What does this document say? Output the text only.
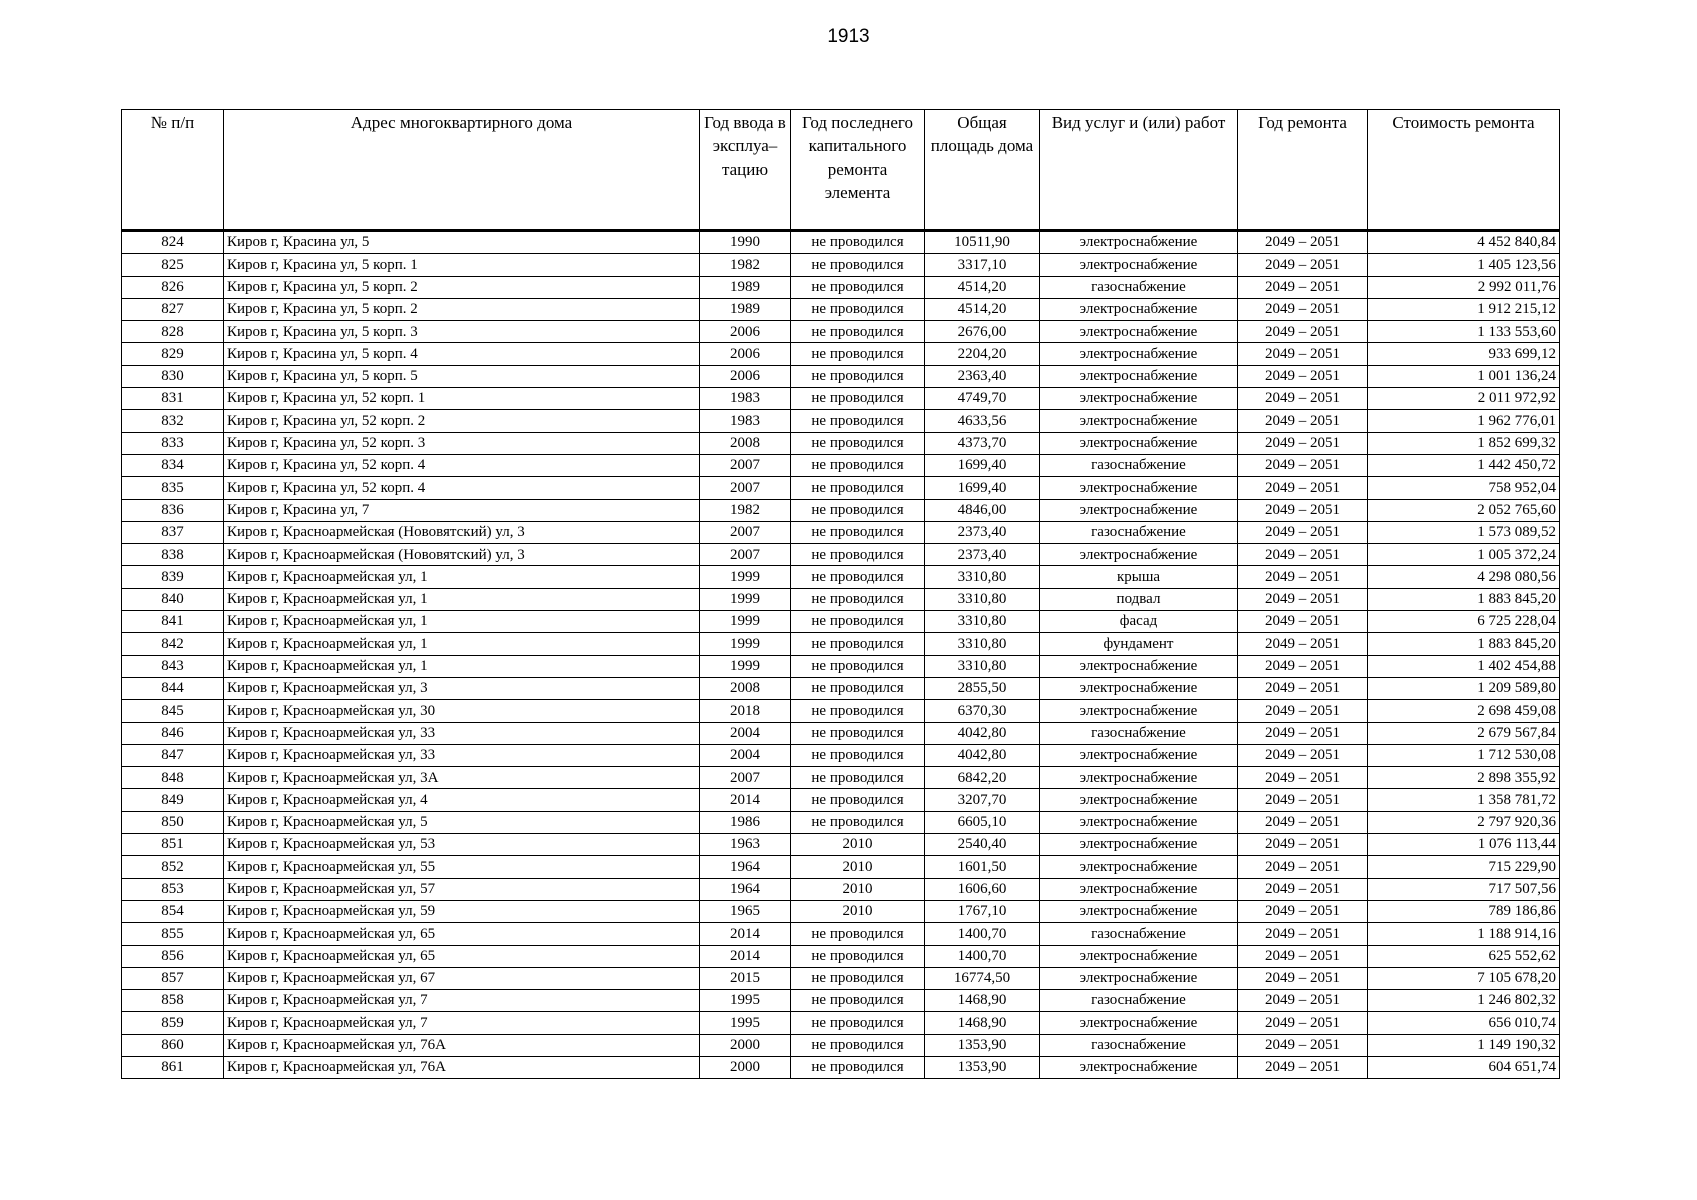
1913
№ п/п	Адрес многоквартирного дома	Год ввода в эксплуа– тацию	Год последнего капитального ремонта элемента	Общая площадь дома	Вид услуг и (или) работ	Год ремонта	Стоимость ремонта
824	Киров г, Красина ул, 5	1990	не проводился	10511,90	электроснабжение	2049 – 2051	4 452 840,84
825	Киров г, Красина ул, 5 корп. 1	1982	не проводился	3317,10	электроснабжение	2049 – 2051	1 405 123,56
826	Киров г, Красина ул, 5 корп. 2	1989	не проводился	4514,20	газоснабжение	2049 – 2051	2 992 011,76
827	Киров г, Красина ул, 5 корп. 2	1989	не проводился	4514,20	электроснабжение	2049 – 2051	1 912 215,12
828	Киров г, Красина ул, 5 корп. 3	2006	не проводился	2676,00	электроснабжение	2049 – 2051	1 133 553,60
829	Киров г, Красина ул, 5 корп. 4	2006	не проводился	2204,20	электроснабжение	2049 – 2051	933 699,12
830	Киров г, Красина ул, 5 корп. 5	2006	не проводился	2363,40	электроснабжение	2049 – 2051	1 001 136,24
831	Киров г, Красина ул, 52 корп. 1	1983	не проводился	4749,70	электроснабжение	2049 – 2051	2 011 972,92
832	Киров г, Красина ул, 52 корп. 2	1983	не проводился	4633,56	электроснабжение	2049 – 2051	1 962 776,01
833	Киров г, Красина ул, 52 корп. 3	2008	не проводился	4373,70	электроснабжение	2049 – 2051	1 852 699,32
834	Киров г, Красина ул, 52 корп. 4	2007	не проводился	1699,40	газоснабжение	2049 – 2051	1 442 450,72
835	Киров г, Красина ул, 52 корп. 4	2007	не проводился	1699,40	электроснабжение	2049 – 2051	758 952,04
836	Киров г, Красина ул, 7	1982	не проводился	4846,00	электроснабжение	2049 – 2051	2 052 765,60
837	Киров г, Красноармейская (Нововятский) ул, 3	2007	не проводился	2373,40	газоснабжение	2049 – 2051	1 573 089,52
838	Киров г, Красноармейская (Нововятский) ул, 3	2007	не проводился	2373,40	электроснабжение	2049 – 2051	1 005 372,24
839	Киров г, Красноармейская ул, 1	1999	не проводился	3310,80	крыша	2049 – 2051	4 298 080,56
840	Киров г, Красноармейская ул, 1	1999	не проводился	3310,80	подвал	2049 – 2051	1 883 845,20
841	Киров г, Красноармейская ул, 1	1999	не проводился	3310,80	фасад	2049 – 2051	6 725 228,04
842	Киров г, Красноармейская ул, 1	1999	не проводился	3310,80	фундамент	2049 – 2051	1 883 845,20
843	Киров г, Красноармейская ул, 1	1999	не проводился	3310,80	электроснабжение	2049 – 2051	1 402 454,88
844	Киров г, Красноармейская ул, 3	2008	не проводился	2855,50	электроснабжение	2049 – 2051	1 209 589,80
845	Киров г, Красноармейская ул, 30	2018	не проводился	6370,30	электроснабжение	2049 – 2051	2 698 459,08
846	Киров г, Красноармейская ул, 33	2004	не проводился	4042,80	газоснабжение	2049 – 2051	2 679 567,84
847	Киров г, Красноармейская ул, 33	2004	не проводился	4042,80	электроснабжение	2049 – 2051	1 712 530,08
848	Киров г, Красноармейская ул, 3А	2007	не проводился	6842,20	электроснабжение	2049 – 2051	2 898 355,92
849	Киров г, Красноармейская ул, 4	2014	не проводился	3207,70	электроснабжение	2049 – 2051	1 358 781,72
850	Киров г, Красноармейская ул, 5	1986	не проводился	6605,10	электроснабжение	2049 – 2051	2 797 920,36
851	Киров г, Красноармейская ул, 53	1963	2010	2540,40	электроснабжение	2049 – 2051	1 076 113,44
852	Киров г, Красноармейская ул, 55	1964	2010	1601,50	электроснабжение	2049 – 2051	715 229,90
853	Киров г, Красноармейская ул, 57	1964	2010	1606,60	электроснабжение	2049 – 2051	717 507,56
854	Киров г, Красноармейская ул, 59	1965	2010	1767,10	электроснабжение	2049 – 2051	789 186,86
855	Киров г, Красноармейская ул, 65	2014	не проводился	1400,70	газоснабжение	2049 – 2051	1 188 914,16
856	Киров г, Красноармейская ул, 65	2014	не проводился	1400,70	электроснабжение	2049 – 2051	625 552,62
857	Киров г, Красноармейская ул, 67	2015	не проводился	16774,50	электроснабжение	2049 – 2051	7 105 678,20
858	Киров г, Красноармейская ул, 7	1995	не проводился	1468,90	газоснабжение	2049 – 2051	1 246 802,32
859	Киров г, Красноармейская ул, 7	1995	не проводился	1468,90	электроснабжение	2049 – 2051	656 010,74
860	Киров г, Красноармейская ул, 76А	2000	не проводился	1353,90	газоснабжение	2049 – 2051	1 149 190,32
861	Киров г, Красноармейская ул, 76А	2000	не проводился	1353,90	электроснабжение	2049 – 2051	604 651,74
